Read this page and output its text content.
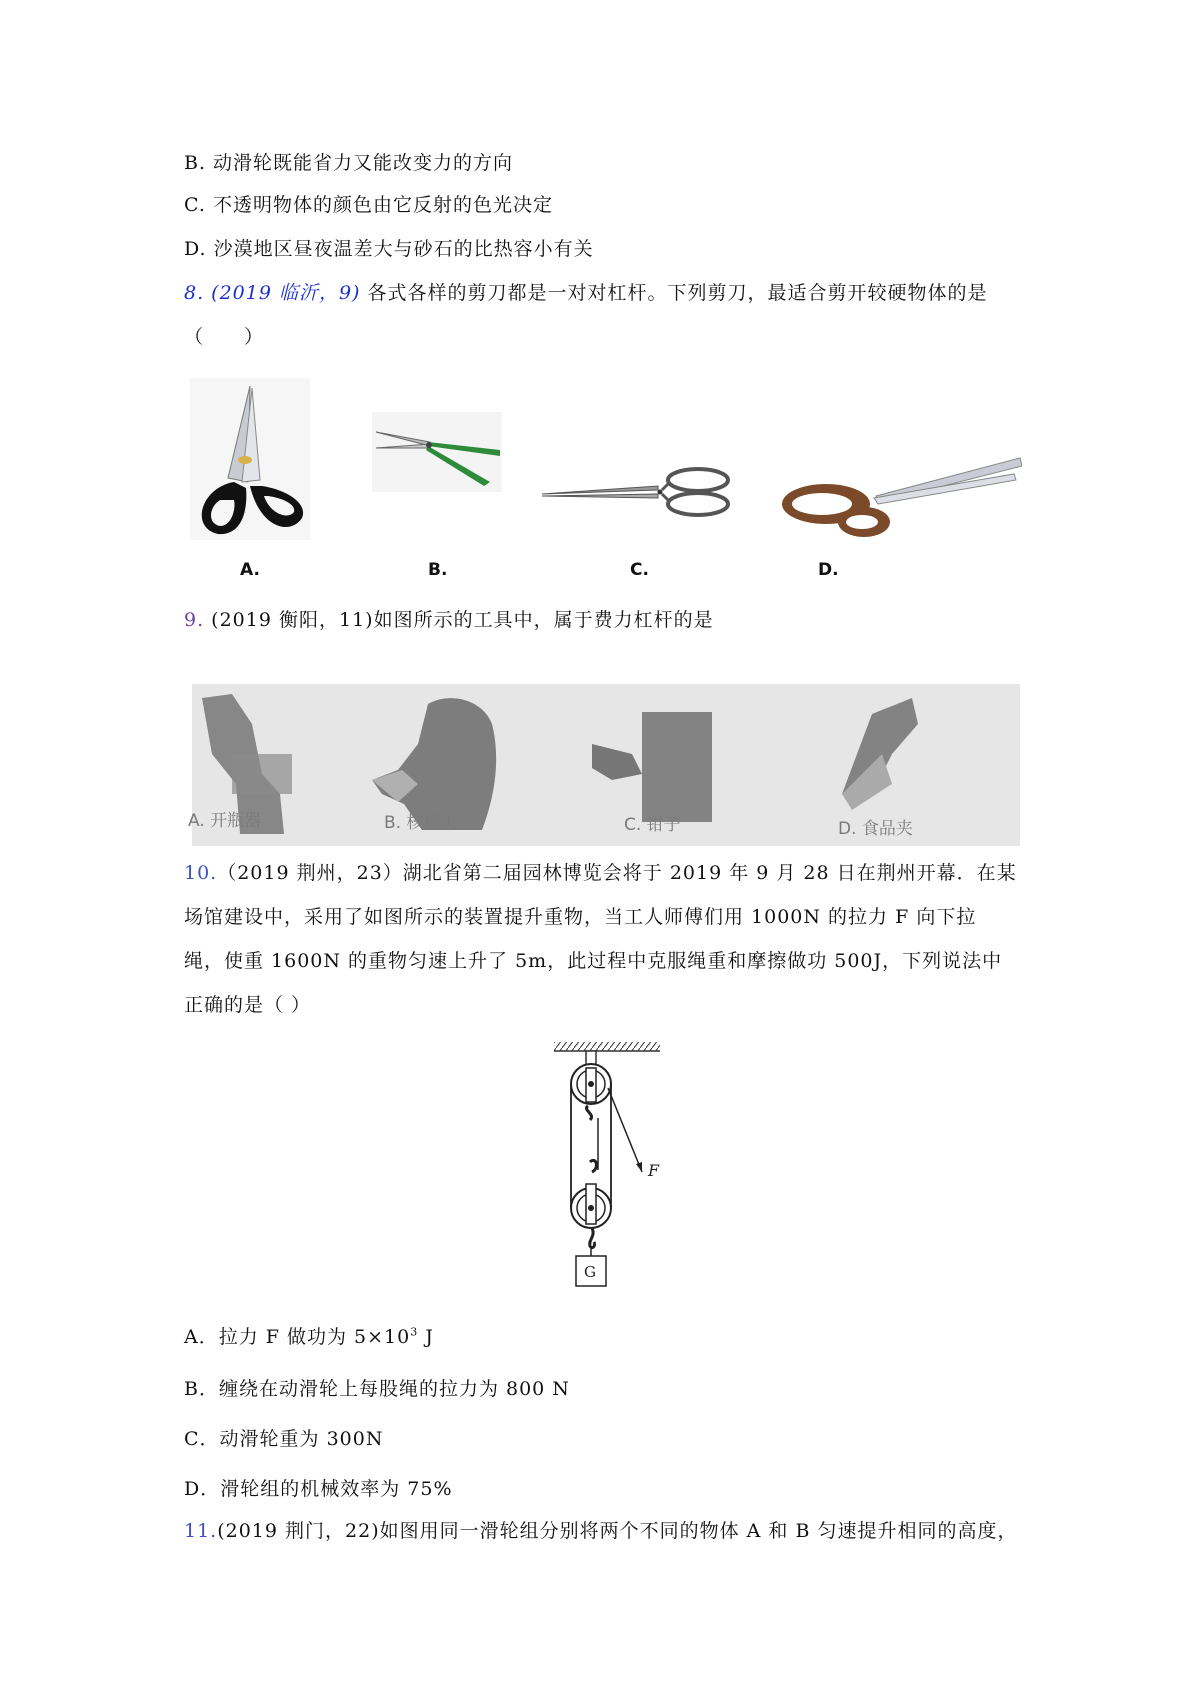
B. 动滑轮既能省力又能改变力的方向
C. 不透明物体的颜色由它反射的色光决定
D. 沙漠地区昼夜温差大与砂石的比热容小有关
8. (2019 临沂，9) 各式各样的剪刀都是一对对杠杆。下列剪刀，最适合剪开较硬物体的是
（　　）
A.	B.	C.	D.
9. (2019 衡阳，11)如图所示的工具中，属于费力杠杆的是
A. 开瓶器	B. 核桃夹	C. 钳子	D. 食品夹
10.（2019 荆州，23）湖北省第二届园林博览会将于 2019 年 9 月 28 日在荆州开幕．在某
场馆建设中，采用了如图所示的装置提升重物，当工人师傅们用 1000N 的拉力 F 向下拉
绳，使重 1600N 的重物匀速上升了 5m，此过程中克服绳重和摩擦做功 500J，下列说法中
正确的是（ ）
F
G
A．拉力 F 做功为 $5\times 10^3$ J
B．缠绕在动滑轮上每股绳的拉力为 800 N
C．动滑轮重为 300N
D．滑轮组的机械效率为 75%
11.(2019 荆门，22)如图用同一滑轮组分别将两个不同的物体 A 和 B 匀速提升相同的高度，
